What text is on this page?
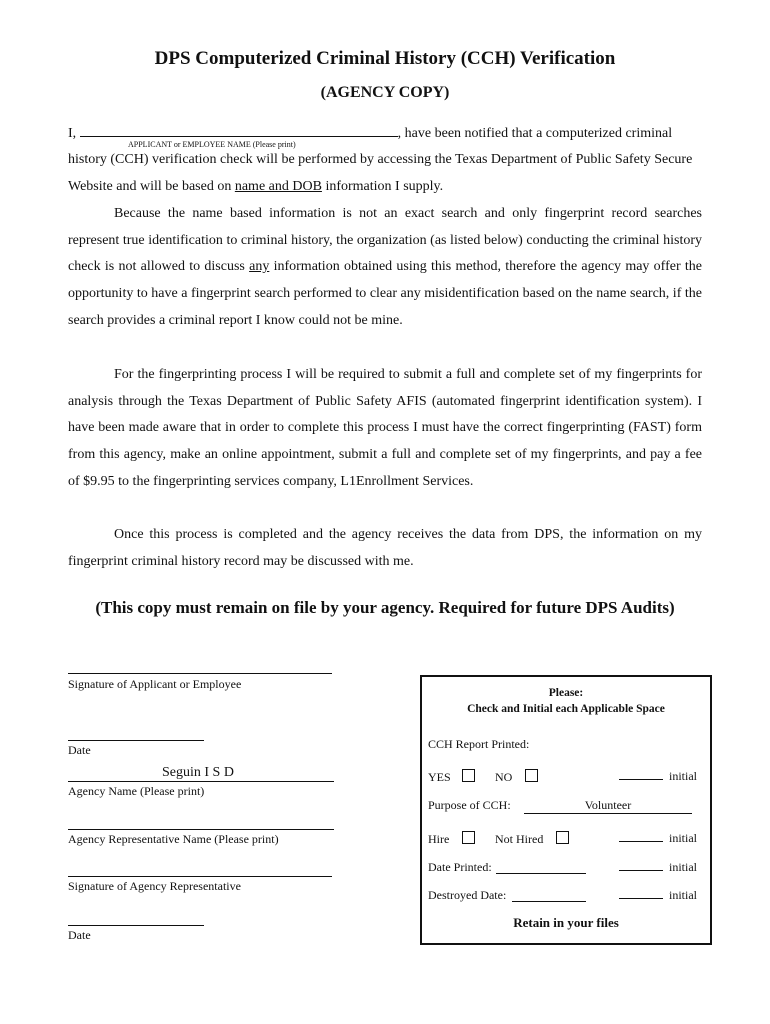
DPS Computerized Criminal History (CCH) Verification
(AGENCY COPY)
I,	, have been notified that a computerized criminal
APPLICANT or EMPLOYEE NAME (Please print)

history (CCH) verification check will be performed by accessing the Texas Department of Public Safety Secure Website and will be based on name and DOB information I supply.

Because the name based information is not an exact search and only fingerprint record searches represent true identification to criminal history, the organization (as listed below) conducting the criminal history check is not allowed to discuss any information obtained using this method, therefore the agency may offer the opportunity to have a fingerprint search performed to clear any misidentification based on the name search, if the search provides a criminal report I know could not be mine.

For the fingerprinting process I will be required to submit a full and complete set of my fingerprints for analysis through the Texas Department of Public Safety AFIS (automated fingerprint identification system). I have been made aware that in order to complete this process I must have the correct fingerprinting (FAST) form from this agency, make an online appointment, submit a full and complete set of my fingerprints, and pay a fee of $9.95 to the fingerprinting services company, L1Enrollment Services.

Once this process is completed and the agency receives the data from DPS, the information on my fingerprint criminal history record may be discussed with me.

(This copy must remain on file by your agency. Required for future DPS Audits)
Signature of Applicant or Employee
Date
Seguin I S D
Agency Name (Please print)
Agency Representative Name (Please print)
Signature of Agency Representative
Date
Please:
Check and Initial each Applicable Space
CCH Report Printed:
YES	NO	initial
Purpose of CCH:	Volunteer
Hire	Not Hired	initial
Date Printed:	initial
Destroyed Date:	initial
Retain in your files
